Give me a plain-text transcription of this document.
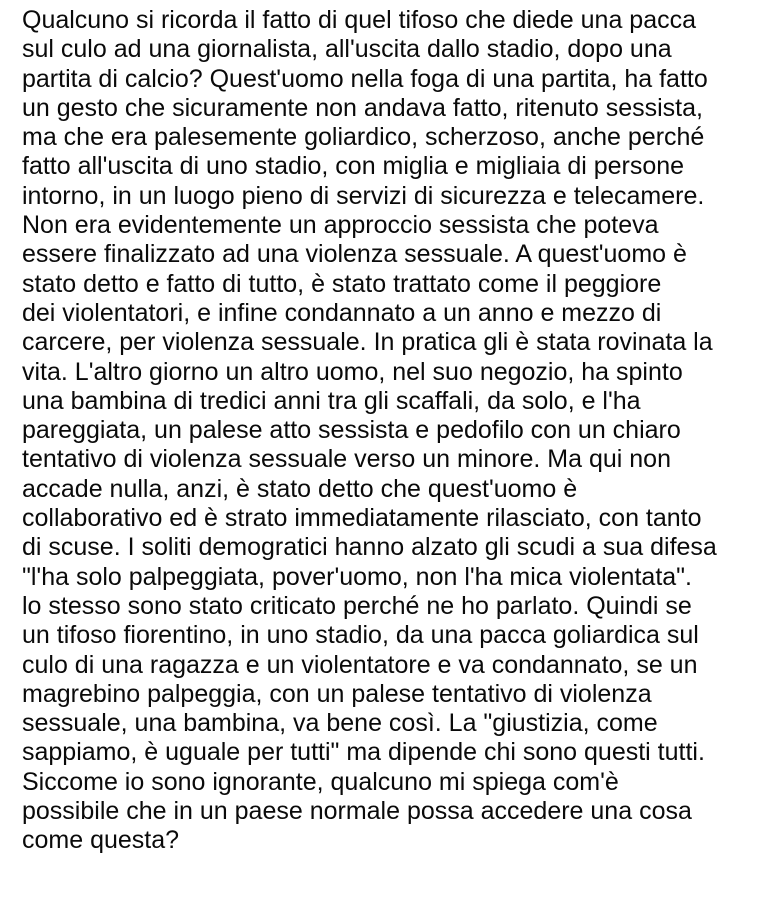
Qualcuno si ricorda il fatto di quel tifoso che diede una pacca
sul culo ad una giornalista, all'uscita dallo stadio, dopo una
partita di calcio? Quest'uomo nella foga di una partita, ha fatto
un gesto che sicuramente non andava fatto, ritenuto sessista,
ma che era palesemente goliardico, scherzoso, anche perché
fatto all'uscita di uno stadio, con miglia e migliaia di persone
intorno, in un luogo pieno di servizi di sicurezza e telecamere.
Non era evidentemente un approccio sessista che poteva
essere finalizzato ad una violenza sessuale. A quest'uomo è
stato detto e fatto di tutto, è stato trattato come il peggiore
dei violentatori, e infine condannato a un anno e mezzo di
carcere, per violenza sessuale. In pratica gli è stata rovinata la
vita. L'altro giorno un altro uomo, nel suo negozio, ha spinto
una bambina di tredici anni tra gli scaffali, da solo, e l'ha
pareggiata, un palese atto sessista e pedofilo con un chiaro
tentativo di violenza sessuale verso un minore. Ma qui non
accade nulla, anzi, è stato detto che quest'uomo è
collaborativo ed è strato immediatamente rilasciato, con tanto
di scuse. I soliti demogratici hanno alzato gli scudi a sua difesa
"l'ha solo palpeggiata, pover'uomo, non l'ha mica violentata".
lo stesso sono stato criticato perché ne ho parlato. Quindi se
un tifoso fiorentino, in uno stadio, da una pacca goliardica sul
culo di una ragazza e un violentatore e va condannato, se un
magrebino palpeggia, con un palese tentativo di violenza
sessuale, una bambina, va bene così. La "giustizia, come
sappiamo, è uguale per tutti" ma dipende chi sono questi tutti.
Siccome io sono ignorante, qualcuno mi spiega com'è
possibile che in un paese normale possa accedere una cosa
come questa?
